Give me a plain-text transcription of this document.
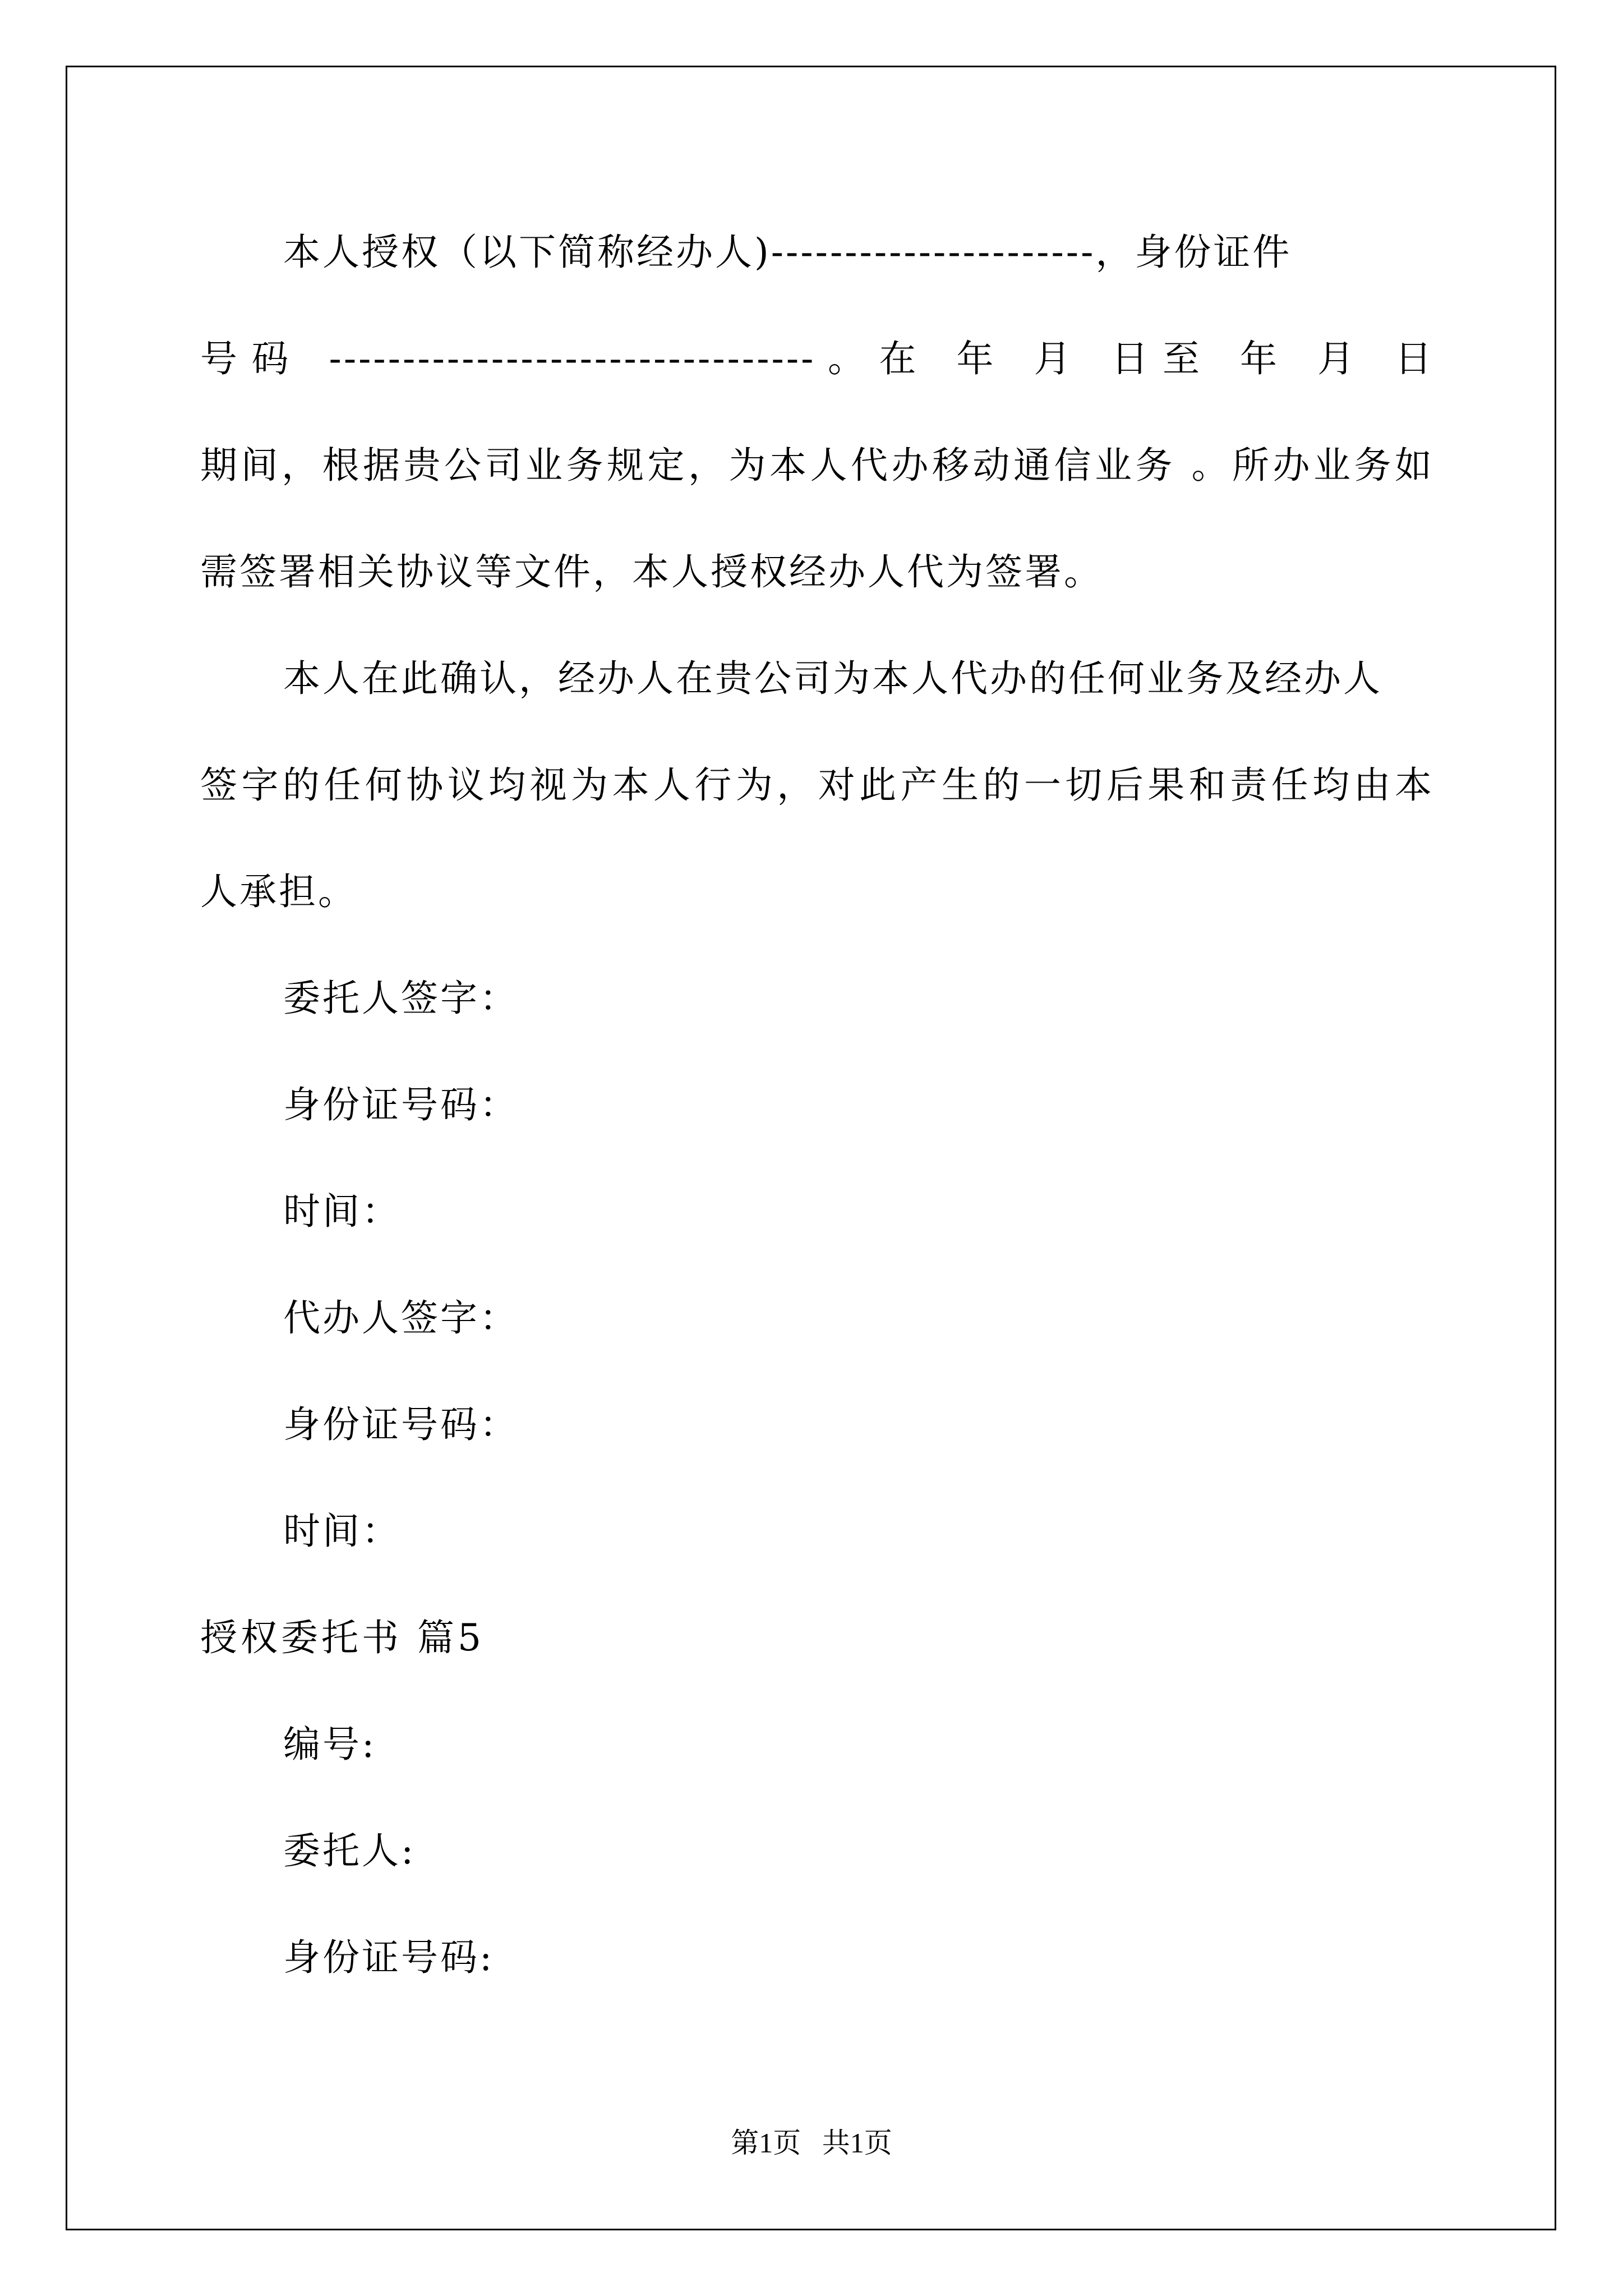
本人授权（以下简称经办人)----------------------，身份证件
号码 ---------------------------------。在 年 月 日至 年 月 日
期间，根据贵公司业务规定，为本人代办移动通信业务 。所办业务如
需签署相关协议等文件，本人授权经办人代为签署。
本人在此确认，经办人在贵公司为本人代办的任何业务及经办人
签字的任何协议均视为本人行为，对此产生的一切后果和责任均由本
人承担。
委托人签字：
身份证号码：
时间：
代办人签字：
身份证号码：
时间：
授权委托书 篇5
编号:
委托人:
身份证号码:
第1页   共1页
